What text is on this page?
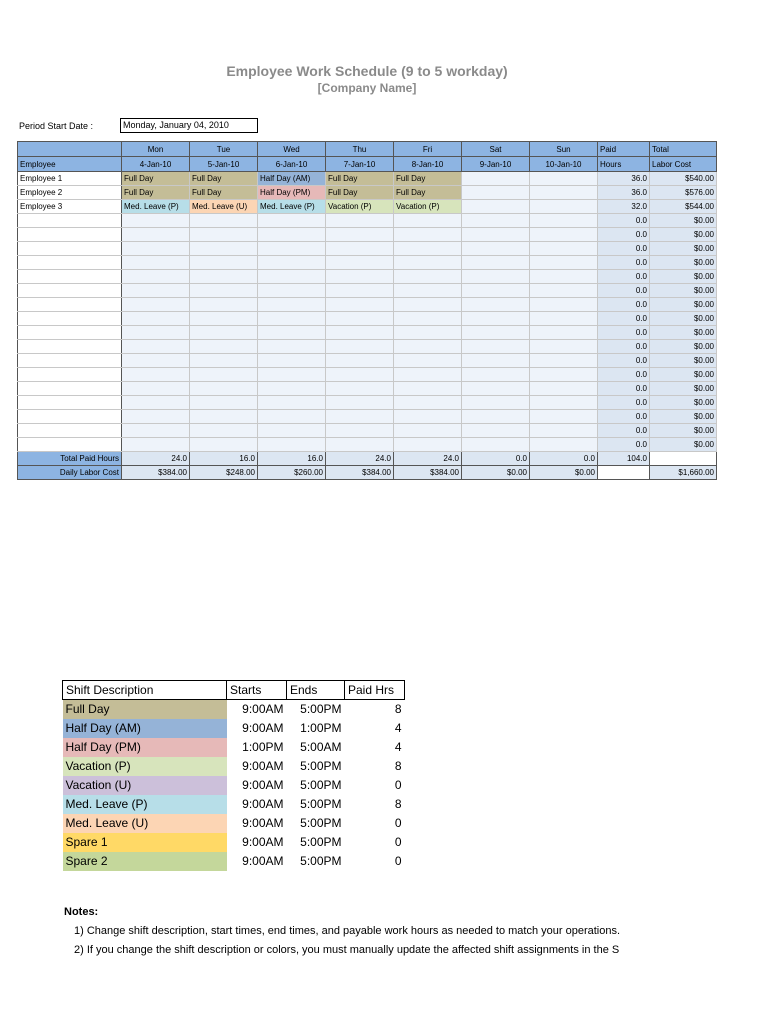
Employee Work Schedule (9 to 5 workday)
[Company Name]
Period Start Date :	Monday, January 04, 2010
	Mon	Tue	Wed	Thu	Fri	Sat	Sun	Paid	Total
Employee	4-Jan-10	5-Jan-10	6-Jan-10	7-Jan-10	8-Jan-10	9-Jan-10	10-Jan-10	Hours	Labor Cost
Employee 1	Full Day	Full Day	Half Day (AM)	Full Day	Full Day			36.0	$540.00
Employee 2	Full Day	Full Day	Half Day (PM)	Full Day	Full Day			36.0	$576.00
Employee 3	Med. Leave (P)	Med. Leave (U)	Med. Leave (P)	Vacation (P)	Vacation (P)			32.0	$544.00
								0.0	$0.00
								0.0	$0.00
								0.0	$0.00
								0.0	$0.00
								0.0	$0.00
								0.0	$0.00
								0.0	$0.00
								0.0	$0.00
								0.0	$0.00
								0.0	$0.00
								0.0	$0.00
								0.0	$0.00
								0.0	$0.00
								0.0	$0.00
								0.0	$0.00
								0.0	$0.00
								0.0	$0.00
Total Paid Hours	24.0	16.0	16.0	24.0	24.0	0.0	0.0	104.0	
Daily Labor Cost	$384.00	$248.00	$260.00	$384.00	$384.00	$0.00	$0.00		$1,660.00
Shift Description	Starts	Ends	Paid Hrs
Full Day	9:00AM	5:00PM	8
Half Day (AM)	9:00AM	1:00PM	4
Half Day (PM)	1:00PM	5:00AM	4
Vacation (P)	9:00AM	5:00PM	8
Vacation (U)	9:00AM	5:00PM	0
Med. Leave (P)	9:00AM	5:00PM	8
Med. Leave (U)	9:00AM	5:00PM	0
Spare 1	9:00AM	5:00PM	0
Spare 2	9:00AM	5:00PM	0
Notes:
1) Change shift description, start times, end times, and payable work hours as needed to match your operations.
2) If you change the shift description or colors, you must manually update the affected shift assignments in the S
